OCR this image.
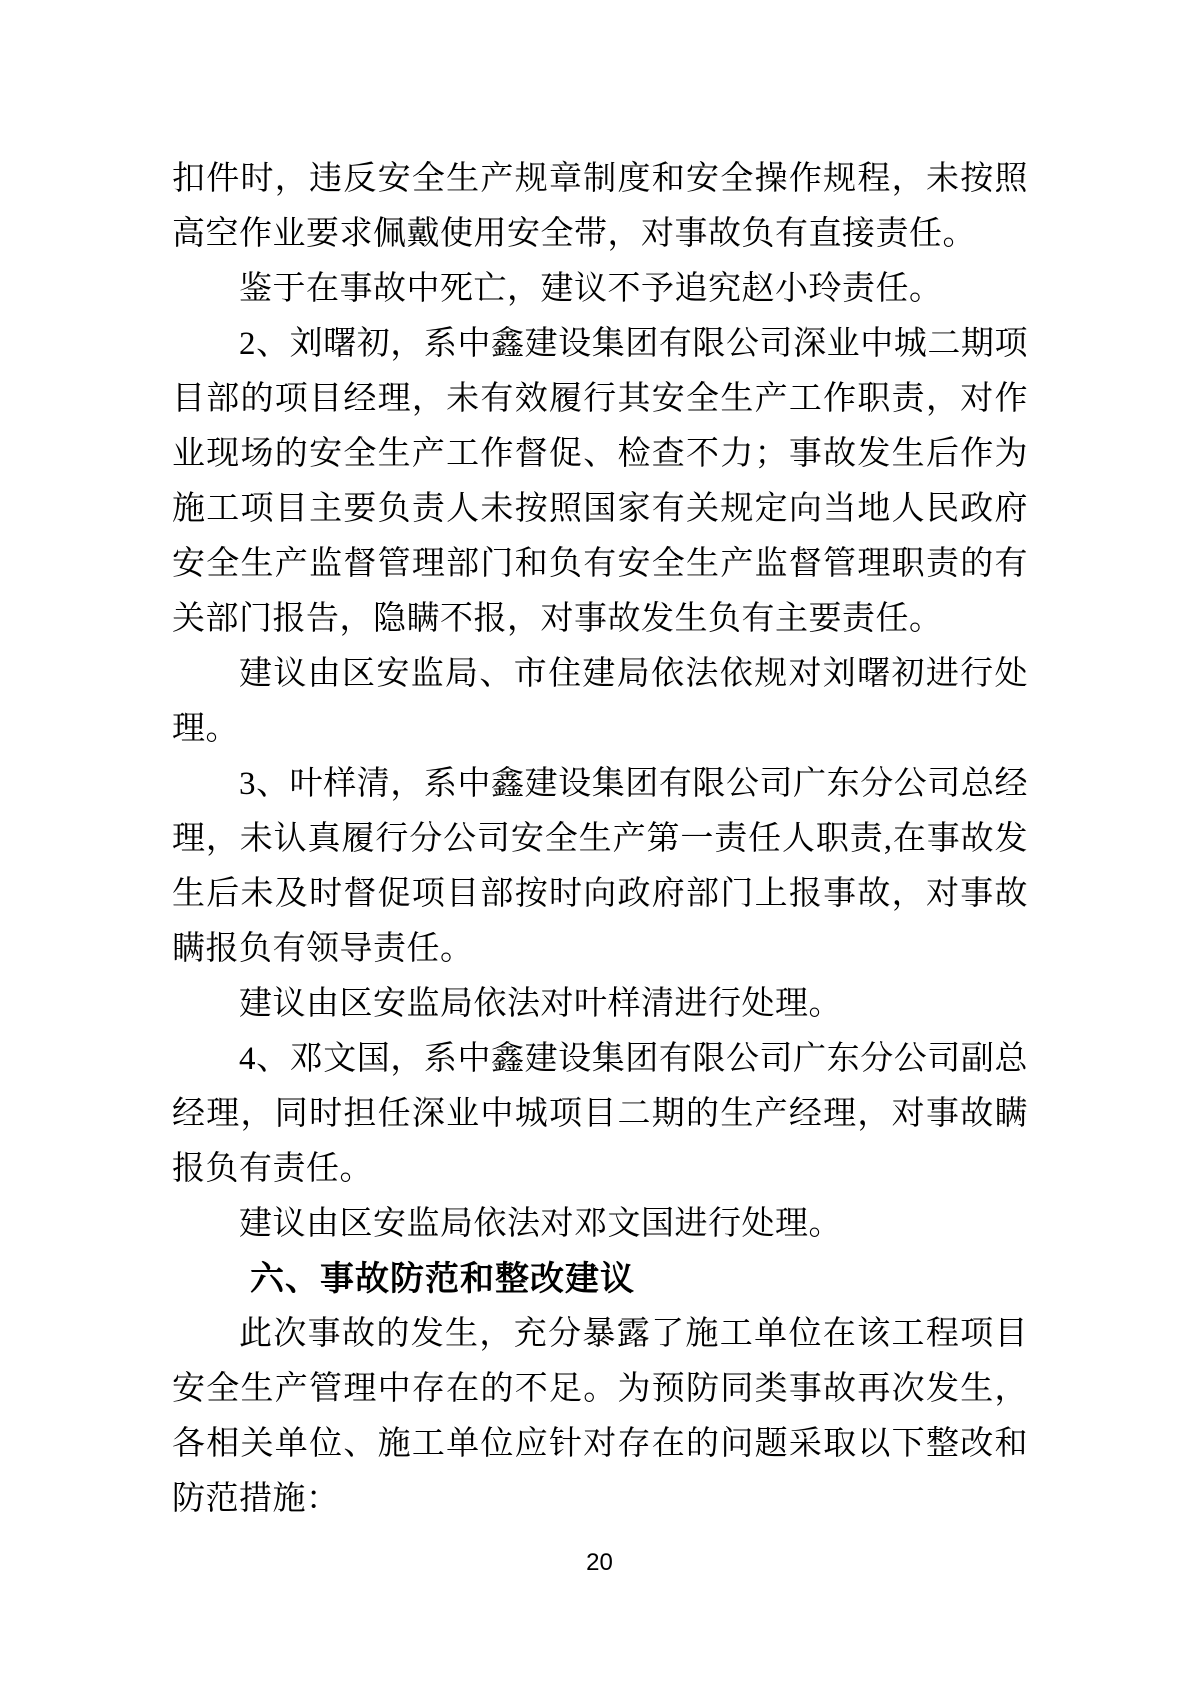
扣件时，违反安全生产规章制度和安全操作规程，未按照高空作业要求佩戴使用安全带，对事故负有直接责任。

鉴于在事故中死亡，建议不予追究赵小玲责任。

2、刘曙初，系中鑫建设集团有限公司深业中城二期项目部的项目经理，未有效履行其安全生产工作职责，对作业现场的安全生产工作督促、检查不力；事故发生后作为施工项目主要负责人未按照国家有关规定向当地人民政府安全生产监督管理部门和负有安全生产监督管理职责的有关部门报告，隐瞒不报，对事故发生负有主要责任。

建议由区安监局、市住建局依法依规对刘曙初进行处理。

3、叶样清，系中鑫建设集团有限公司广东分公司总经理，未认真履行分公司安全生产第一责任人职责,在事故发生后未及时督促项目部按时向政府部门上报事故，对事故瞒报负有领导责任。

建议由区安监局依法对叶样清进行处理。

4、邓文国，系中鑫建设集团有限公司广东分公司副总经理，同时担任深业中城项目二期的生产经理，对事故瞒报负有责任。

建议由区安监局依法对邓文国进行处理。

六、事故防范和整改建议

此次事故的发生，充分暴露了施工单位在该工程项目安全生产管理中存在的不足。为预防同类事故再次发生，各相关单位、施工单位应针对存在的问题采取以下整改和防范措施：

20
